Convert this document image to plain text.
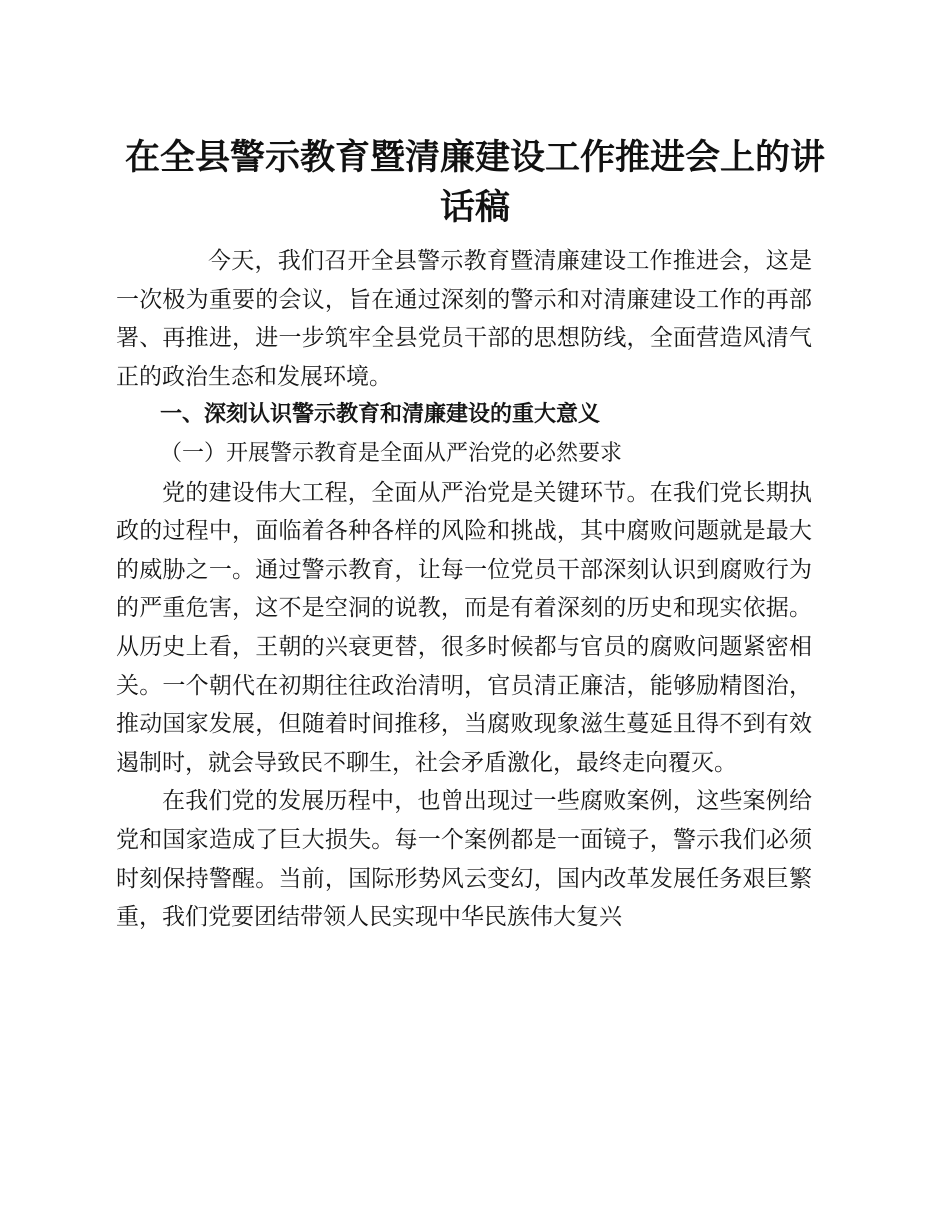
在全县警示教育暨清廉建设工作推进会上的讲话稿

今天，我们召开全县警示教育暨清廉建设工作推进会，这是一次极为重要的会议，旨在通过深刻的警示和对清廉建设工作的再部署、再推进，进一步筑牢全县党员干部的思想防线，全面营造风清气正的政治生态和发展环境。

一、深刻认识警示教育和清廉建设的重大意义

（一）开展警示教育是全面从严治党的必然要求

党的建设伟大工程，全面从严治党是关键环节。在我们党长期执政的过程中，面临着各种各样的风险和挑战，其中腐败问题就是最大的威胁之一。通过警示教育，让每一位党员干部深刻认识到腐败行为的严重危害，这不是空洞的说教，而是有着深刻的历史和现实依据。从历史上看，王朝的兴衰更替，很多时候都与官员的腐败问题紧密相关。一个朝代在初期往往政治清明，官员清正廉洁，能够励精图治，推动国家发展，但随着时间推移，当腐败现象滋生蔓延且得不到有效遏制时，就会导致民不聊生，社会矛盾激化，最终走向覆灭。

在我们党的发展历程中，也曾出现过一些腐败案例，这些案例给党和国家造成了巨大损失。每一个案例都是一面镜子，警示我们必须时刻保持警醒。当前，国际形势风云变幻，国内改革发展任务艰巨繁重，我们党要团结带领人民实现中华民族伟大复兴
